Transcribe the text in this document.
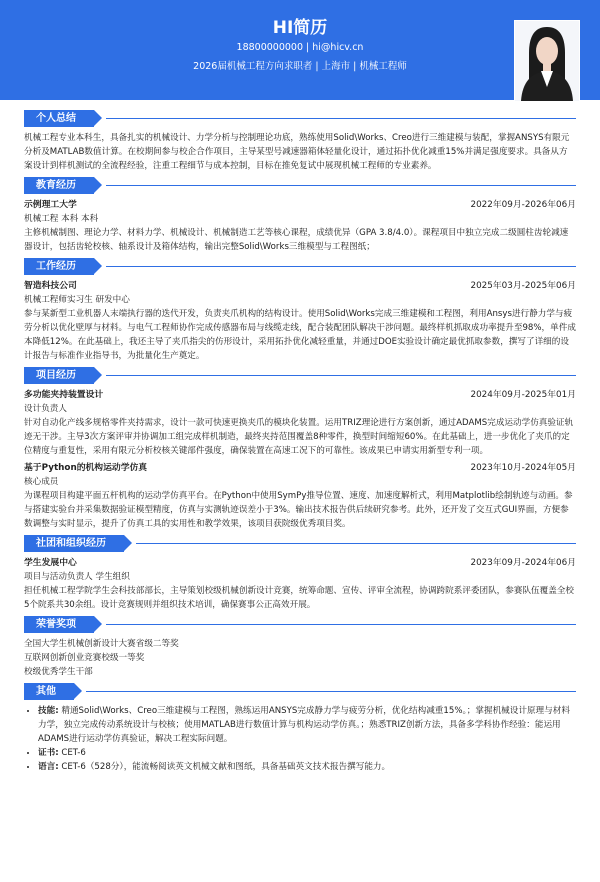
HI简历
18800000000 | hi@hicv.cn
2026届机械工程方向求职者 | 上海市 | 机械工程师
个人总结

机械工程专业本科生，具备扎实的机械设计、力学分析与控制理论功底，熟练使用Solid\Works、Creo进行三维建模与装配，掌握ANSYS有限元分析及MATLAB数值计算。在校期间参与校企合作项目，主导某型号减速器箱体轻量化设计，通过拓扑优化减重15%并满足强度要求。具备从方案设计到样机测试的全流程经验，注重工程细节与成本控制，目标在推免复试中展现机械工程师的专业素养。

教育经历
示例理工大学	2022年09月-2026年06月
机械工程 本科 本科

主修机械制图、理论力学、材料力学、机械设计、机械制造工艺等核心课程，成绩优异（GPA 3.8/4.0）。课程项目中独立完成二级圆柱齿轮减速器设计，包括齿轮校核、轴系设计及箱体结构，输出完整Solid\Works三维模型与工程图纸；

工作经历
智造科技公司	2025年03月-2025年06月
机械工程师实习生 研发中心

参与某新型工业机器人末端执行器的迭代开发，负责夹爪机构的结构设计。使用Solid\Works完成三维建模和工程图，利用Ansys进行静力学与疲劳分析以优化壁厚与材料。与电气工程师协作完成传感器布局与线缆走线，配合装配团队解决干涉问题。最终样机抓取成功率提升至98%，单件成本降低12%。在此基础上，我还主导了夹爪指尖的仿形设计，采用拓扑优化减轻重量，并通过DOE实验设计确定最优抓取参数，撰写了详细的设计报告与标准作业指导书，为批量化生产奠定。

项目经历
多功能夹持装置设计	2024年09月-2025年01月
设计负责人

针对自动化产线多规格零件夹持需求，设计一款可快速更换夹爪的模块化装置。运用TRIZ理论进行方案创新，通过ADAMS完成运动学仿真验证轨迹无干涉。主导3次方案评审并协调加工组完成样机制造，最终夹持范围覆盖8种零件，换型时间缩短60%。在此基础上，进一步优化了夹爪的定位精度与重复性，采用有限元分析校核关键部件强度，确保装置在高速工况下的可靠性。该成果已申请实用新型专利一项。

基于Python的机构运动学仿真	2023年10月-2024年05月
核心成员

为课程项目构建平面五杆机构的运动学仿真平台。在Python中使用SymPy推导位置、速度、加速度解析式，利用Matplotlib绘制轨迹与动画。参与搭建实验台并采集数据验证模型精度，仿真与实测轨迹误差小于3%。输出技术报告供后续研究参考。此外，还开发了交互式GUI界面，方便参数调整与实时显示，提升了仿真工具的实用性和教学效果，该项目获院级优秀项目奖。

社团和组织经历
学生发展中心	2023年09月-2024年06月
项目与活动负责人 学生组织

担任机械工程学院学生会科技部部长，主导策划校级机械创新设计竞赛，统筹命题、宣传、评审全流程，协调跨院系评委团队，参赛队伍覆盖全校5个院系共30余组。设计竞赛规则并组织技术培训，确保赛事公正高效开展。

荣誉奖项
全国大学生机械创新设计大赛省级二等奖
互联网创新创业竞赛校级一等奖
校级优秀学生干部
其他
• 技能: 精通Solid\Works、Creo三维建模与工程图，熟练运用ANSYS完成静力学与疲劳分析，优化结构减重15%。；掌握机械设计原理与材料力学，独立完成传动系统设计与校核；使用MATLAB进行数值计算与机构运动学仿真。；熟悉TRIZ创新方法，具备多学科协作经验：能运用ADAMS进行运动学仿真验证，解决工程实际问题。
• 证书: CET-6
• 语言: CET-6（528分），能流畅阅读英文机械文献和图纸，具备基础英文技术报告撰写能力。
